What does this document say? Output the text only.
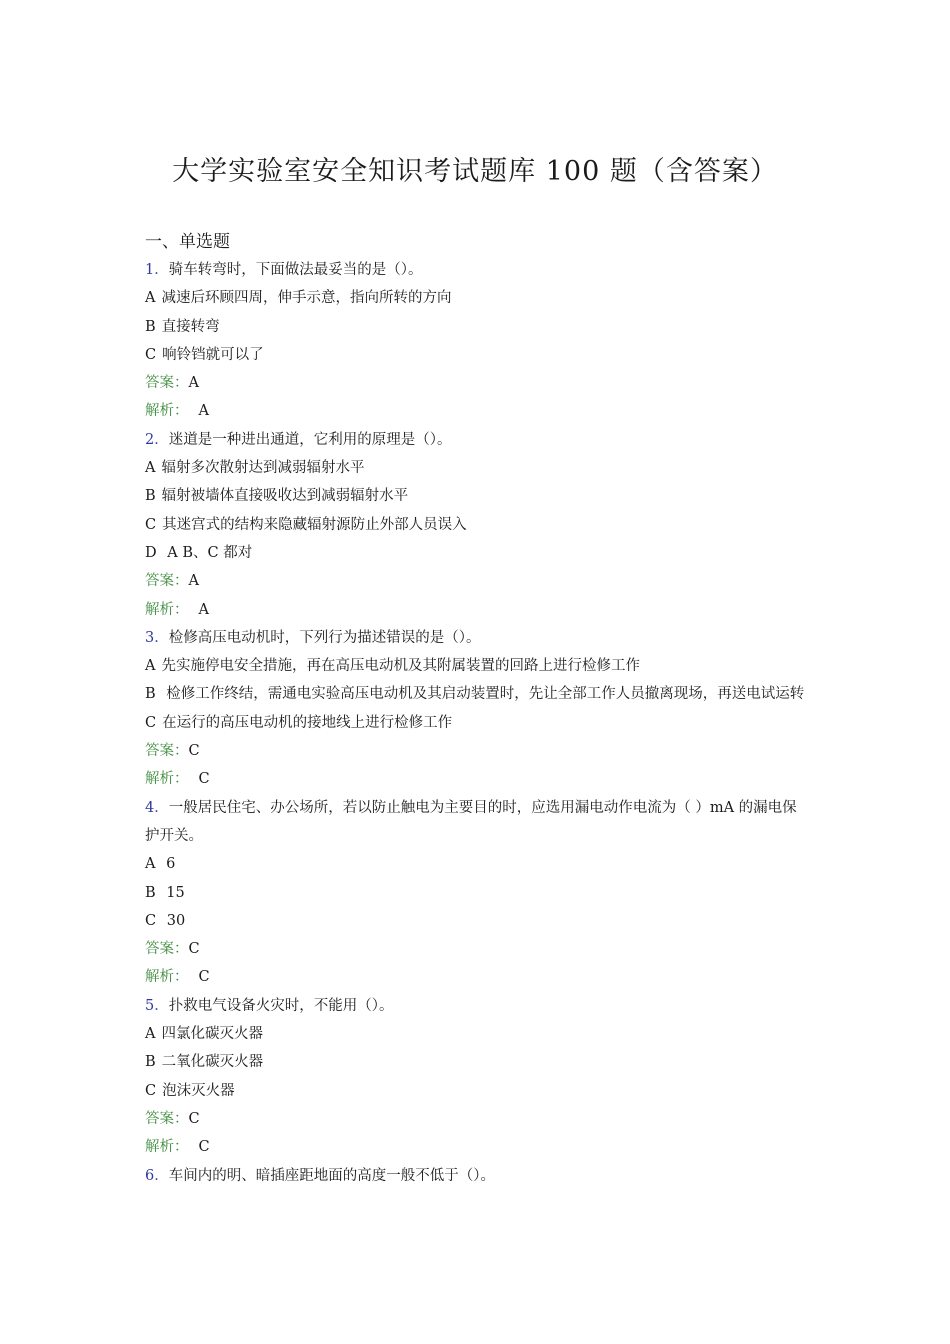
大学实验室安全知识考试题库 100 题（含答案）
一、单选题
1．骑车转弯时，下面做法最妥当的是（）。
A 减速后环顾四周，伸手示意，指向所转的方向
B 直接转弯
C 响铃铛就可以了
答案：A
解析： A
2．迷道是一种进出通道，它利用的原理是（）。
A 辐射多次散射达到减弱辐射水平
B 辐射被墙体直接吸收达到减弱辐射水平
C 其迷宫式的结构来隐藏辐射源防止外部人员误入
D A B、C 都对
答案：A
解析： A
3．检修高压电动机时，下列行为描述错误的是（）。
A 先实施停电安全措施，再在高压电动机及其附属装置的回路上进行检修工作
B 检修工作终结，需通电实验高压电动机及其启动装置时，先让全部工作人员撤离现场，再送电试运转
C 在运行的高压电动机的接地线上进行检修工作
答案：C
解析： C
4．一般居民住宅、办公场所，若以防止触电为主要目的时，应选用漏电动作电流为（ ）mA 的漏电保护开关。
A 6
B 15
C 30
答案：C
解析： C
5．扑救电气设备火灾时，不能用（）。
A 四氯化碳灭火器
B 二氧化碳灭火器
C 泡沫灭火器
答案：C
解析： C
6．车间内的明、暗插座距地面的高度一般不低于（）。
